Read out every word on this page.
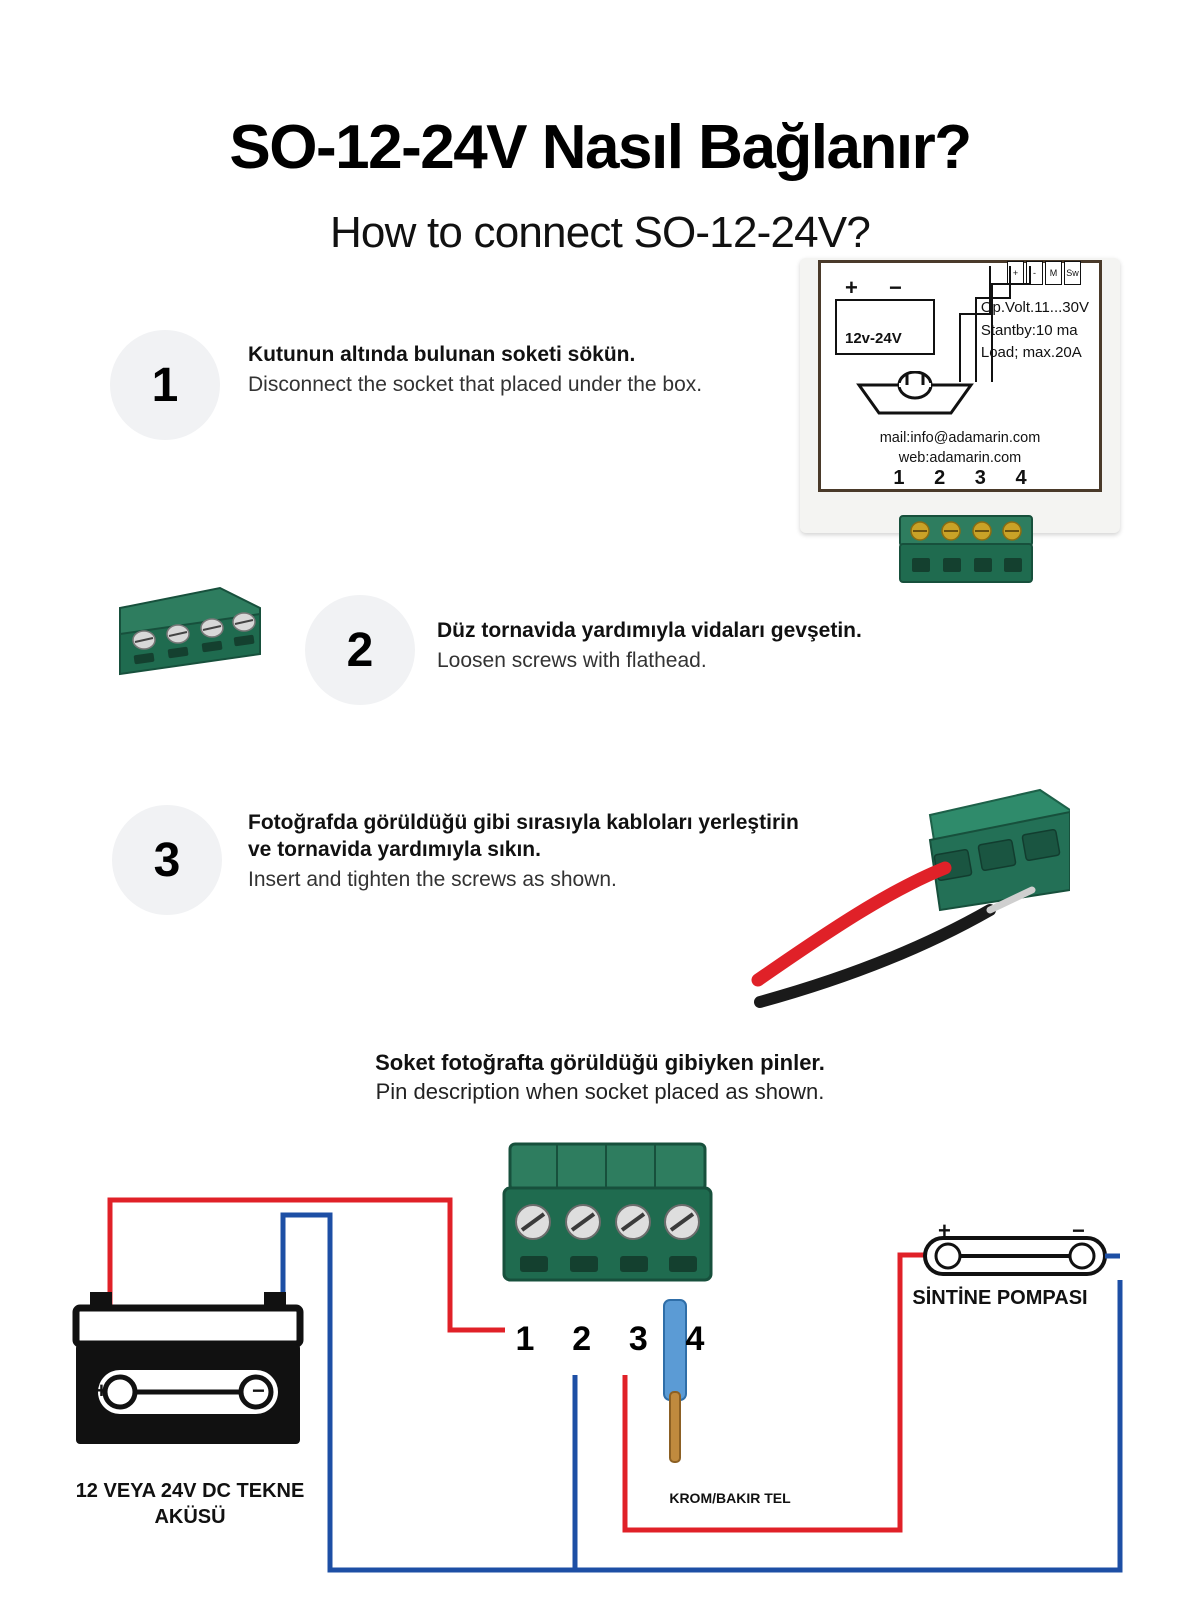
SO-12-24V Nasıl Bağlanır?
How to connect SO-12-24V?
+	-	M Sw
+ −
12v-24V
Op.Volt.11...30V
Stantby:10 ma
Load; max.20A
mail:info@adamarin.com
web:adamarin.com
1 2 3 4
1

Kutunun altında bulunan soketi sökün.

Disconnect the socket that placed under the box.

2	Düz tornavida yardımıyla vidaları gevşetin.

Loosen screws with flathead.

3

Fotoğrafda görüldüğü gibi sırasıyla kabloları yerleştirin ve tornavida yardımıyla sıkın.

Insert and tighten the screws as shown.

Soket fotoğrafta görüldüğü gibiyken pinler.

Pin description when socket placed as shown.

+	−
1	2	3	4
+	−
12 VEYA 24V DC TEKNE AKÜSÜ
SİNTİNE POMPASI
KROM/BAKIR TEL
